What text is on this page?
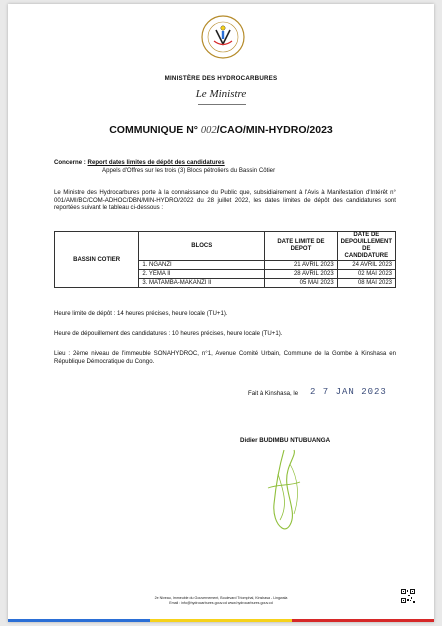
MINISTÈRE DES HYDROCARBURES
Le Ministre
COMMUNIQUE N° 002/CAO/MIN-HYDRO/2023
Concerne : Report dates limites de dépôt des candidatures
Appels d'Offres sur les trois (3) Blocs pétroliers du Bassin Côtier
Le Ministre des Hydrocarbures porte à la connaissance du Public que, subsidiairement à l'Avis à Manifestation d'Intérêt n° 001/AMI/BC/COM-ADHOC/DBN/MIN-HYDRO/2022 du 28 juillet 2022, les dates limites de dépôt des candidatures sont reportées suivant le tableau ci-dessous :
BASSIN COTIER	BLOCS	DATE LIMITE DE DEPOT	DATE DE DEPOUILLEMENT DE CANDIDATURE
	1. NGANZI	21 AVRIL 2023	24 AVRIL 2023
	2. YEMA II	28 AVRIL 2023	02 MAI 2023
	3. MATAMBA-MAKANZI II	05 MAI 2023	08 MAI 2023
Heure limite de dépôt : 14 heures précises, heure locale (TU+1).
Heure de dépouillement des candidatures : 10 heures précises, heure locale (TU+1).
Lieu : 2ème niveau de l'immeuble SONAHYDROC, n°1, Avenue Comité Urbain, Commune de la Gombe à Kinshasa en République Démocratique du Congo.
Fait à Kinshasa, le 2 7 JAN 2023
Didier BUDIMBU NTUBUANGA
2e Niveau, Immeuble du Gouvernement, Boulevard Triomphal, Kinshasa - Lingwala
Email : info@hydrocarbures.gouv.cd www.hydrocarbures.gouv.cd
